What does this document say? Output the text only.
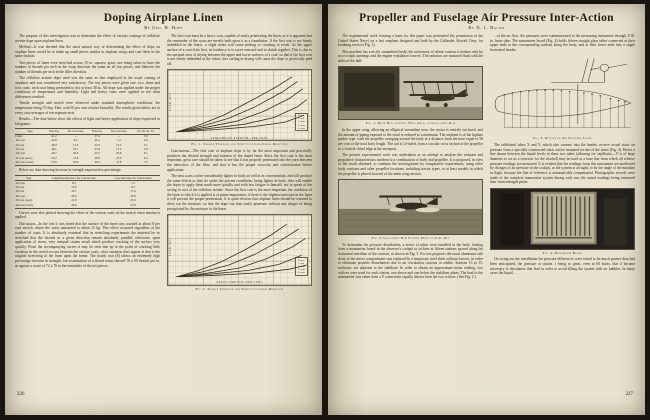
Doping Airplane Linen
By Geo. H. Hoff

The purpose of this investigation was to determine the effect of various coatings of cellulose acetate dope upon airplane linen.

Method—It was decided that the most natural way of determining the effect of dope on airplane linen would be to make up small pieces similar to airplane wings and coat these in the same fashion.

Test pieces of linen were stretched across 15-in. squares, great care being taken to have the number of threads per inch in the warp direction the same on all test pieces, and likewise the number of threads per inch in the filler direction.

The cellulose acetate dope used was the same as that employed in the usual coating of airplanes and was considered very satisfactory. The test pieces were given one, two, three and four coats, each coat being permitted to dry at least 48 hr. All dope was applied under the proper conditions of temperature and humidity. Light and heavy coats were applied to see what differences resulted.

Tensile strength and stretch were observed under standard atmospheric conditions, the temperature being 70 deg. Fahr. with 65 per cent relative humidity. The results given below are in every case averages of ten separate tests.

Results—The data below show the effects of light and heavy application of dope expressed in kilograms:

Type	Warp Kg.	Per Cent Gain	Filler Kg.	Per Cent Gain	Wt. Oz. Sq. Yd.
Linen	41.2	....	37.4	....	3.9
1st coat	44.6	8.2	40.1	7.2	4.6
2d coat	46.8	13.6	42.3	13.1	5.1
3d coat	48.1	16.7	43.9	17.4	5.6
4th coat	49.7	20.6	45.2	20.8	6.1
3d coat, heavy	50.2	21.8	46.0	23.0	6.4
4th coat, heavy	53.8	30.6	49.3	31.8	7.0

Below are data showing increase in strength expressed as percentage:

Type	Lengthwise Direction, Per Cent Increase	Cross Direction, Per Cent Increase
1st coat	8.2	7.2
2d coat	13.6	13.1
3d coat	16.7	17.4
4th coat	20.6	20.8
3d coat, heavy	21.8	23.0
4th coat, heavy	30.6	31.8

Curves were also plotted showing the effect of the various coats on the stretch when tension is applied.

Discussion—In the test it was noted that the surface of the linen was cracked at about 8 per cent stretch, where the stress amounted to about 12 kg. This effect occurred regardless of the number of coats. It is absolutely essential that in stretching experiments the material be so stretched that the threads in a given direction remain absolutely parallel; otherwise, upon application of stress, very unequal strains result which produce cracking of the surface very quickly. From the accompanying curves it may be seen that up to the point of cracking little variation in the stretch occurs between the various coats; what variation does appear is due to the original stretching of the linen upon the frame. The fourth coat (8) shows an extremely high percentage increase in strength, but examination of a thread count showed 76 x 90 threads per in. as against a count of 72 x 76 in the remainder of the test pieces.

The first coat must be a heavy coat, capable of easily penetrating the linen, as it is apparent that the remainder of the coats are merely built upon it as a foundation. If the first coat is not firmly imbedded in the fabric, a slight strain will cause peeling or cracking to result. As the upper surface of a coat dries first, its tendency is to curve outward and to shrink together. This is due to the unequal rates of drying between the upper and lower surfaces of a coat; so that if the first coat is not firmly imbedded in the fabric, this curling in drying will cause the dope to practically peel off.

LOAD—KG.
LENGTHWISE STRETCH—PER CENT
Linen
1 coat
2 coats
3 coats
4 coats
Fig. 1. Tensile Strength and Stretch in Lengthwise Direction

Conclusions—The first coat of airplane dope is by far the most important and practically produces the desired strength and tautness of the doped linen. Since the first coat is the most important, great care should be taken to see that it has properly penetrated into the yarn between the interstices of the fibre, and that it has the proper viscosity and concentration before application.

The next coats can be considerably lighter in body as well as in concentration, and will produce the same effects as they do under the present conditions; being lighter in body, they will enable the doper to apply them much more quickly and with less fatigue to himself, not to speak of the saving in cost of the cellulose acetate. Since the first coat is the most important, the condition of the linen to which it is applied is of prime importance; if there is the slightest moisture in the linen it will prevent the proper penetration. It is quite obvious that airplane linen should be warmed to drive out the moisture, so that the dope can then easily penetrate without any danger of being precipitated by the moisture in the linen.

LOAD—KG.
CROSS STRETCH—PER CENT
Linen
1 coat
2 coats
3 coats
4 coats
Fig. 2. Tensile Strength and Stretch in Cross Direction
226
Propeller and Fuselage Air Pressure Inter-Action
By D. L. Bacon

The experimental work forming a basis for this paper was performed (by permission of the United States Navy) on a fast seaplane designed and built by the Gallaudet Aircraft Corp. for bombing service (Fig. 1).

This machine has a nicely streamlined body, the uniformity of whose contour is broken only by two cockpit openings and the engine ventilation louvres. The radiators are mounted flush with the sides of the hull.

Fig. 1. Dock Box, Liberty Wing Open, of Gallaudet D-4

In the upper wing, allowing an elliptical streamline nose, the motor is entirely enclosed, and the amount of piping exposed to the wind is reduced to a minimum. The airplane is of the biplane pusher type, with the propeller swinging around the body at a distance from the nose equal to 56 per cent of the total body length. The tail is 14-sided, from a circular cross section at the propeller to a vertical chisel edge at the sternpost.

The present experimental work was undertaken as an attempt to analyze the resistant and propulsive characteristics incident to a combination of body and propeller. It is proposed, in view of the result obtained, to continue the investigations by comparative experiments, using other body contours and other propeller locations, including tractor types, or at least models in which the propeller is placed forward of the main wing section.

Fig. 2. Gallaudet D-4 Taxiing Prior to Take-Off

To determine the pressure distribution, a series of tubes were installed in the body, leading from a manometer board in the observer's cockpit to orifices at fifteen stations spaced along the horizontal meridian of the contour, as shown in Fig. 3. For test purposes the usual aluminum side sheet of the motor compartment was replaced by a temporary steel sheet without louvres, in order to eliminate possible disturbances due to air circulation currents or eddies. Stations 13 to 15, inclusive, are adjacent to the stabilizer. In order to obtain an approximate mean reading, two orifices were used for each station, one above and one below the stabilizer plane. The lead to the manometer was taken from a Y connection equally distant from the two orifices. (See Fig. 2.)

...of the air flow. Air pressures were communicated to the measuring instrument through 3/16-in. brass tube. The manometer board (Fig. 4) holds fifteen straight glass tubes connected at their upper ends to the corresponding stations along the body, and at their lower ends into a single horizontal header.

Fig. 3. Details of Air Pressure Leads

The additional tubes X and Y, which also connect into the header, receive actual static air pressure from a specially constructed static orifice mounted on one of the struts (Fig. 3). Hence a line drawn between the liquid levels in these two tubes (allowing for capillarity—Y is of large diameter to act as a reservoir for the alcohol) may be used as a base line from which all relative pressure readings are measured. It is evident that the readings from this instrument are unaffected by changes of air pressure in the cockpit, as the system is air tight; or by the angle of the machine in flight, because the line of reference is automatically compensated. Photographic records were made of the complete manometer system during each run, the actual readings being measured later from enlarged prints.

Fig. 4. Manometer Board

On trying out the installation the pressure differences were found to be much greater than had been anticipated, the pressure at station 1 being so great, even at 60 knots, that it became necessary to disconnect that lead in order to avoid filling the system with air bubbles. In many cases the liquid...

227
